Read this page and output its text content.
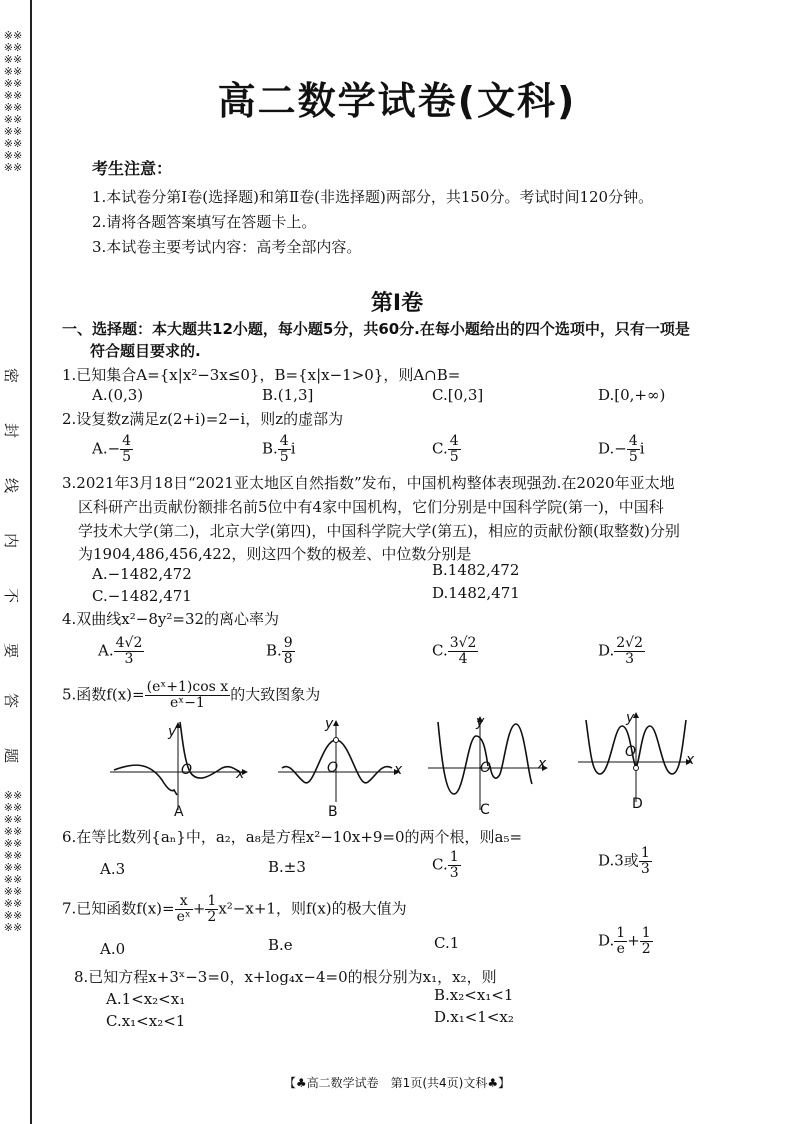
※※※※※※※※※※※※※※※※※※※※※※※※
密
封
线
内
不
要
答
题
※※※※※※※※※※※※※※※※※※※※※※※※
高二数学试卷(文科)
考生注意：
1.本试卷分第Ⅰ卷(选择题)和第Ⅱ卷(非选择题)两部分，共150分。考试时间120分钟。
2.请将各题答案填写在答题卡上。
3.本试卷主要考试内容：高考全部内容。
第Ⅰ卷
一、选择题：本大题共12小题，每小题5分，共60分.在每小题给出的四个选项中，只有一项是
符合题目要求的.
1.已知集合A={x|x²−3x≤0}，B={x|x−1>0}，则A∩B=
A.(0,3)	B.(1,3]	C.[0,3]	D.[0,+∞)
2.设复数z满足z(2+i)=2−i，则z的虚部为
$A.- \frac{4}{5}$	B. $\frac{4}{5}$ i	C. $\frac{4}{5}$	$D.- \frac{4}{5}$ i
3.2021年3月18日“2021亚太地区自然指数”发布，中国机构整体表现强劲.在2020年亚太地
区科研产出贡献份额排名前5位中有4家中国机构，它们分别是中国科学院(第一)，中国科
学技术大学(第二)，北京大学(第四)，中国科学院大学(第五)，相应的贡献份额(取整数)分别
为1904,486,456,422，则这四个数的极差、中位数分别是
A.−1482,472	B.1482,472
C.−1482,471	D.1482,471
4.双曲线x²−8y²=32的离心率为
A. $\frac{4√2}{3}$	B. $\frac{9}{8}$	C. $\frac{3√2}{4}$	D. $\frac{2√2}{3}$
5.函数$f(x)= \frac{\text{(eˣ+1)cos x}}{\text{eˣ−1}}$ 的大致图象为
y
O	x
A
y
O	x
B
y
O	x
C
y
O	x
D
6.在等比数列{aₙ}中，a₂，a₈是方程x²−10x+9=0的两个根，则a₅=
A.3	B.±3	C. $\frac{1}{3}$	D.3或 $\frac{1}{3}$
7.已知函数$f(x)= \frac{x}{\text{eˣ}} + \frac{1}{2} x^2-x+1$，则f(x)的极大值为
A.0	B.e	C.1	D. $\frac{1}{e} + \frac{1}{2}$
8.已知方程x+3ˣ−3=0，x+log₄x−4=0的根分别为x₁，x₂，则
A.1<x₂<x₁	B.x₂<x₁<1
C.x₁<x₂<1	D.x₁<1<x₂
【♣高二数学试卷　第1页(共4页)文科♣】
